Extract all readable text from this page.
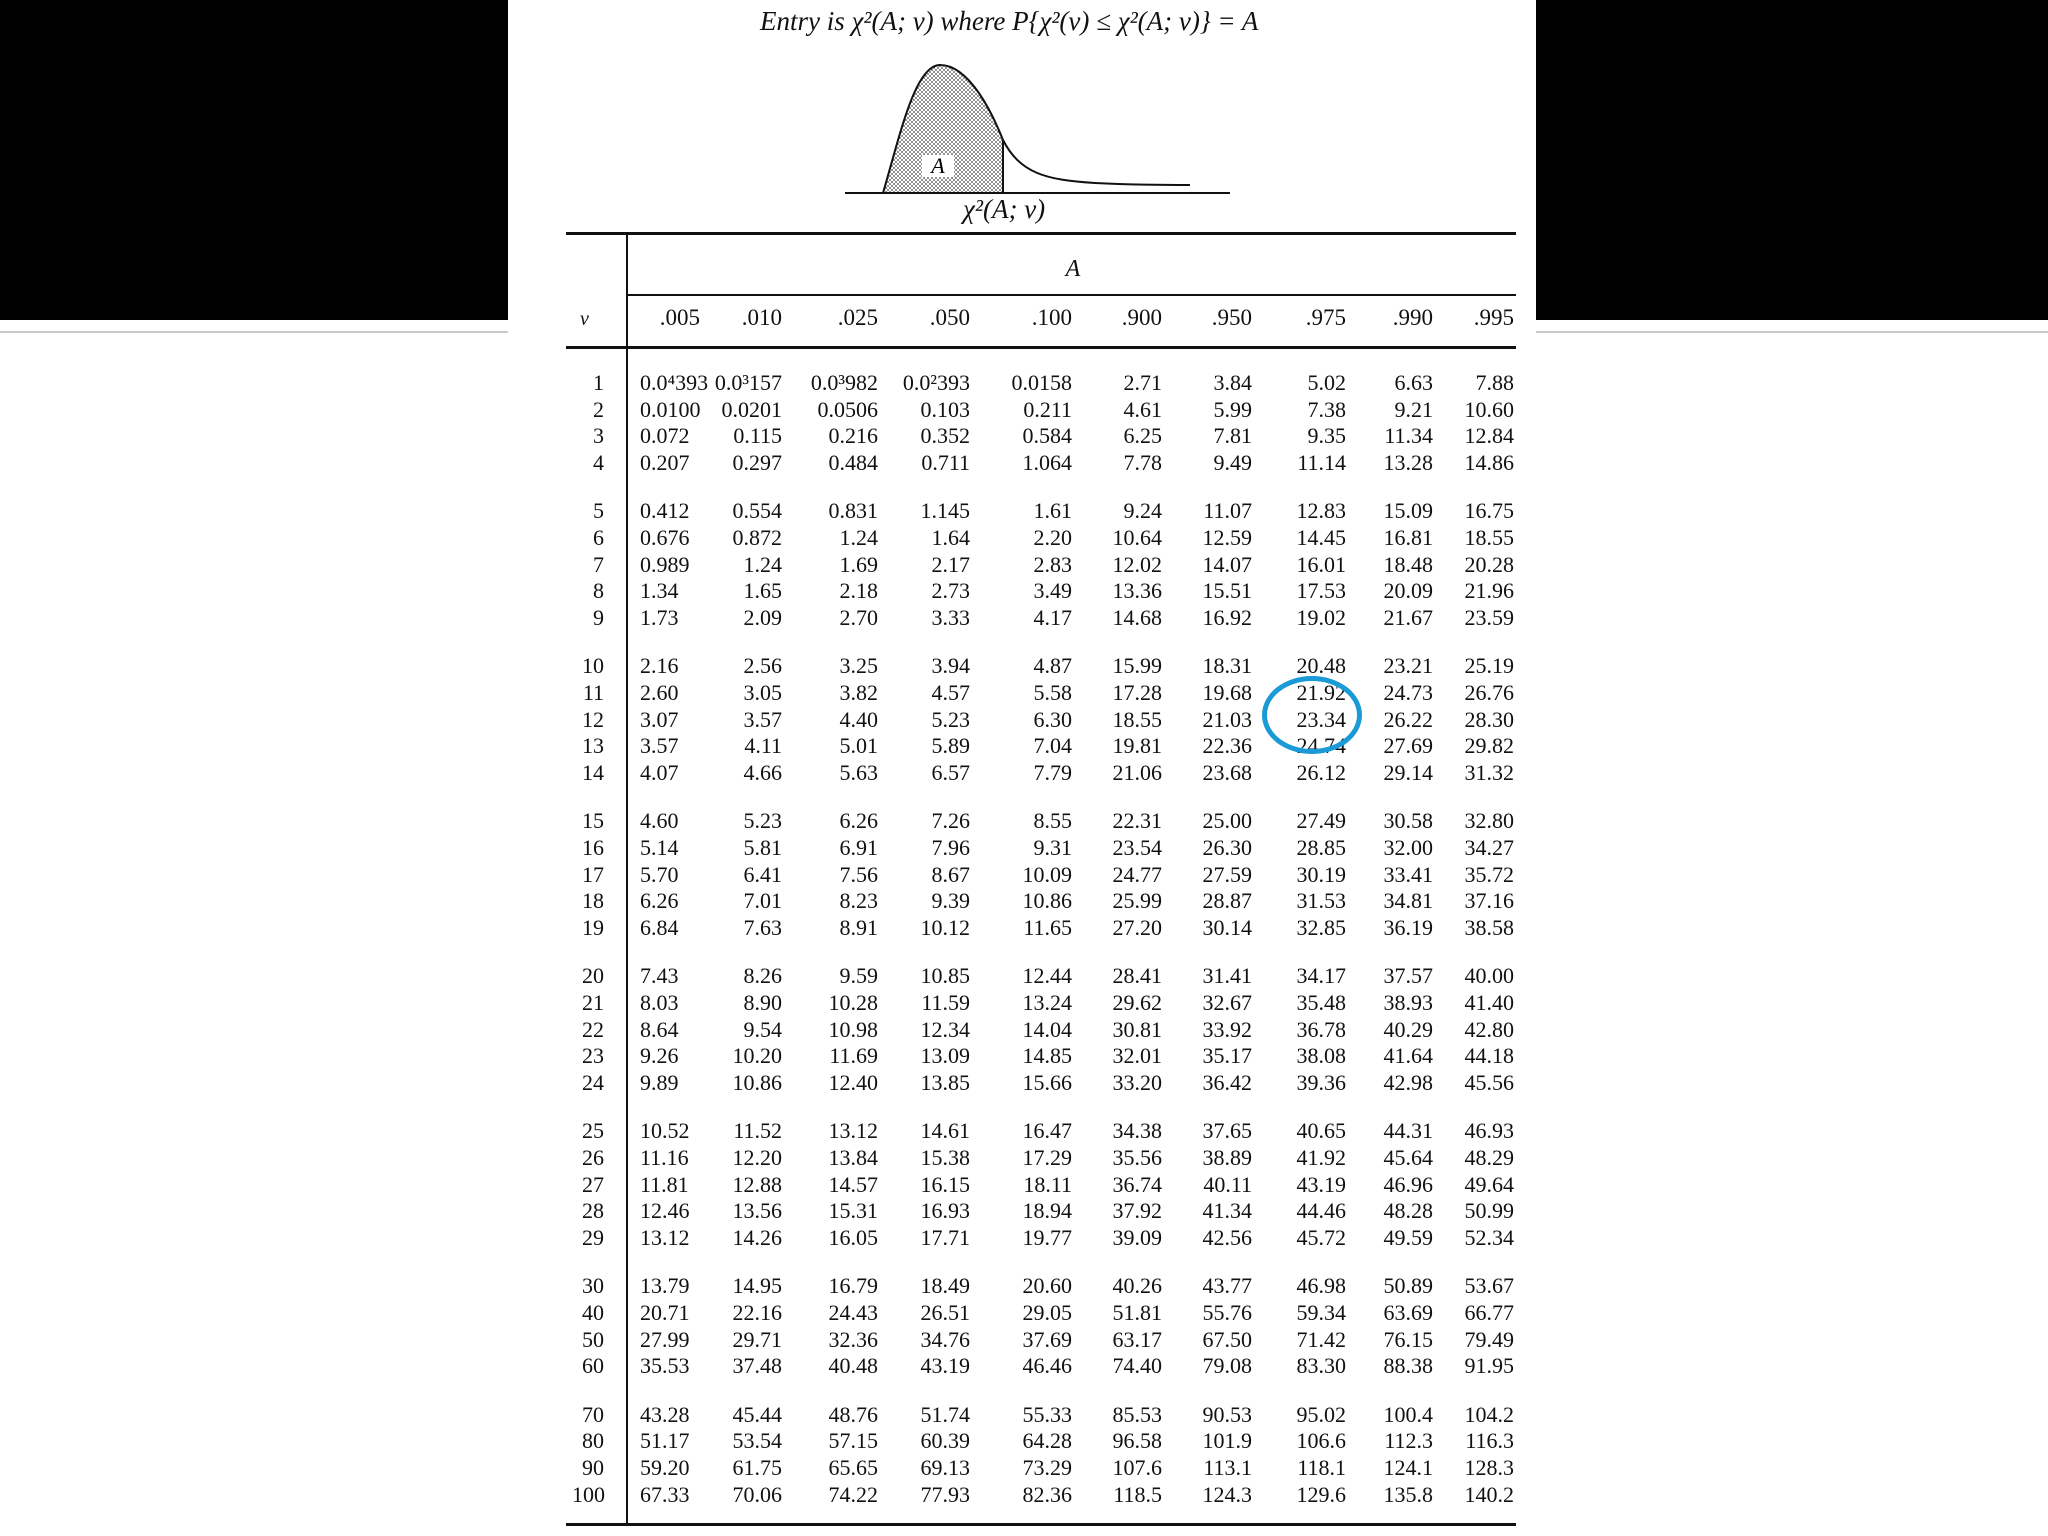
Entry is χ²(A; ν) where P{χ²(ν) ≤ χ²(A; ν)} = A
A
χ²(A; ν)
A
ν	.005	.010	.025	.050	.100	.900	.950	.975	.990	.995
1 0.0⁴393 0.0³157	0.0³982	0.0²393	0.0158	2.71	3.84	5.02	6.63	7.88
2 0.0100 0.0201	0.0506	0.103	0.211	4.61	5.99	7.38	9.21	10.60
3 0.072	0.115	0.216	0.352	0.584	6.25	7.81	9.35	11.34	12.84
4 0.207	0.297	0.484	0.711	1.064	7.78	9.49	11.14	13.28	14.86
5 0.412	0.554	0.831	1.145	1.61	9.24	11.07	12.83	15.09	16.75
6 0.676	0.872	1.24	1.64	2.20	10.64	12.59	14.45	16.81	18.55
7 0.989	1.24	1.69	2.17	2.83	12.02	14.07	16.01	18.48	20.28
8 1.34	1.65	2.18	2.73	3.49	13.36	15.51	17.53	20.09	21.96
9 1.73	2.09	2.70	3.33	4.17	14.68	16.92	19.02	21.67	23.59
10 2.16	2.56	3.25	3.94	4.87	15.99	18.31	20.48	23.21	25.19
11 2.60	3.05	3.82	4.57	5.58	17.28	19.68	21.92	24.73	26.76
12 3.07	3.57	4.40	5.23	6.30	18.55	21.03	23.34	26.22	28.30
13 3.57	4.11	5.01	5.89	7.04	19.81	22.36	24.74	27.69	29.82
14 4.07	4.66	5.63	6.57	7.79	21.06	23.68	26.12	29.14	31.32
15 4.60	5.23	6.26	7.26	8.55	22.31	25.00	27.49	30.58	32.80
16 5.14	5.81	6.91	7.96	9.31	23.54	26.30	28.85	32.00	34.27
17 5.70	6.41	7.56	8.67	10.09	24.77	27.59	30.19	33.41	35.72
18 6.26	7.01	8.23	9.39	10.86	25.99	28.87	31.53	34.81	37.16
19 6.84	7.63	8.91	10.12	11.65	27.20	30.14	32.85	36.19	38.58
20 7.43	8.26	9.59	10.85	12.44	28.41	31.41	34.17	37.57	40.00
21 8.03	8.90	10.28	11.59	13.24	29.62	32.67	35.48	38.93	41.40
22 8.64	9.54	10.98	12.34	14.04	30.81	33.92	36.78	40.29	42.80
23 9.26	10.20	11.69	13.09	14.85	32.01	35.17	38.08	41.64	44.18
24 9.89	10.86	12.40	13.85	15.66	33.20	36.42	39.36	42.98	45.56
25 10.52	11.52	13.12	14.61	16.47	34.38	37.65	40.65	44.31	46.93
26 11.16	12.20	13.84	15.38	17.29	35.56	38.89	41.92	45.64	48.29
27 11.81	12.88	14.57	16.15	18.11	36.74	40.11	43.19	46.96	49.64
28 12.46	13.56	15.31	16.93	18.94	37.92	41.34	44.46	48.28	50.99
29 13.12	14.26	16.05	17.71	19.77	39.09	42.56	45.72	49.59	52.34
30 13.79	14.95	16.79	18.49	20.60	40.26	43.77	46.98	50.89	53.67
40 20.71	22.16	24.43	26.51	29.05	51.81	55.76	59.34	63.69	66.77
50 27.99	29.71	32.36	34.76	37.69	63.17	67.50	71.42	76.15	79.49
60 35.53	37.48	40.48	43.19	46.46	74.40	79.08	83.30	88.38	91.95
70 43.28	45.44	48.76	51.74	55.33	85.53	90.53	95.02	100.4	104.2
80 51.17	53.54	57.15	60.39	64.28	96.58	101.9	106.6	112.3	116.3
90 59.20	61.75	65.65	69.13	73.29	107.6	113.1	118.1	124.1	128.3
100 67.33	70.06	74.22	77.93	82.36	118.5	124.3	129.6	135.8	140.2
